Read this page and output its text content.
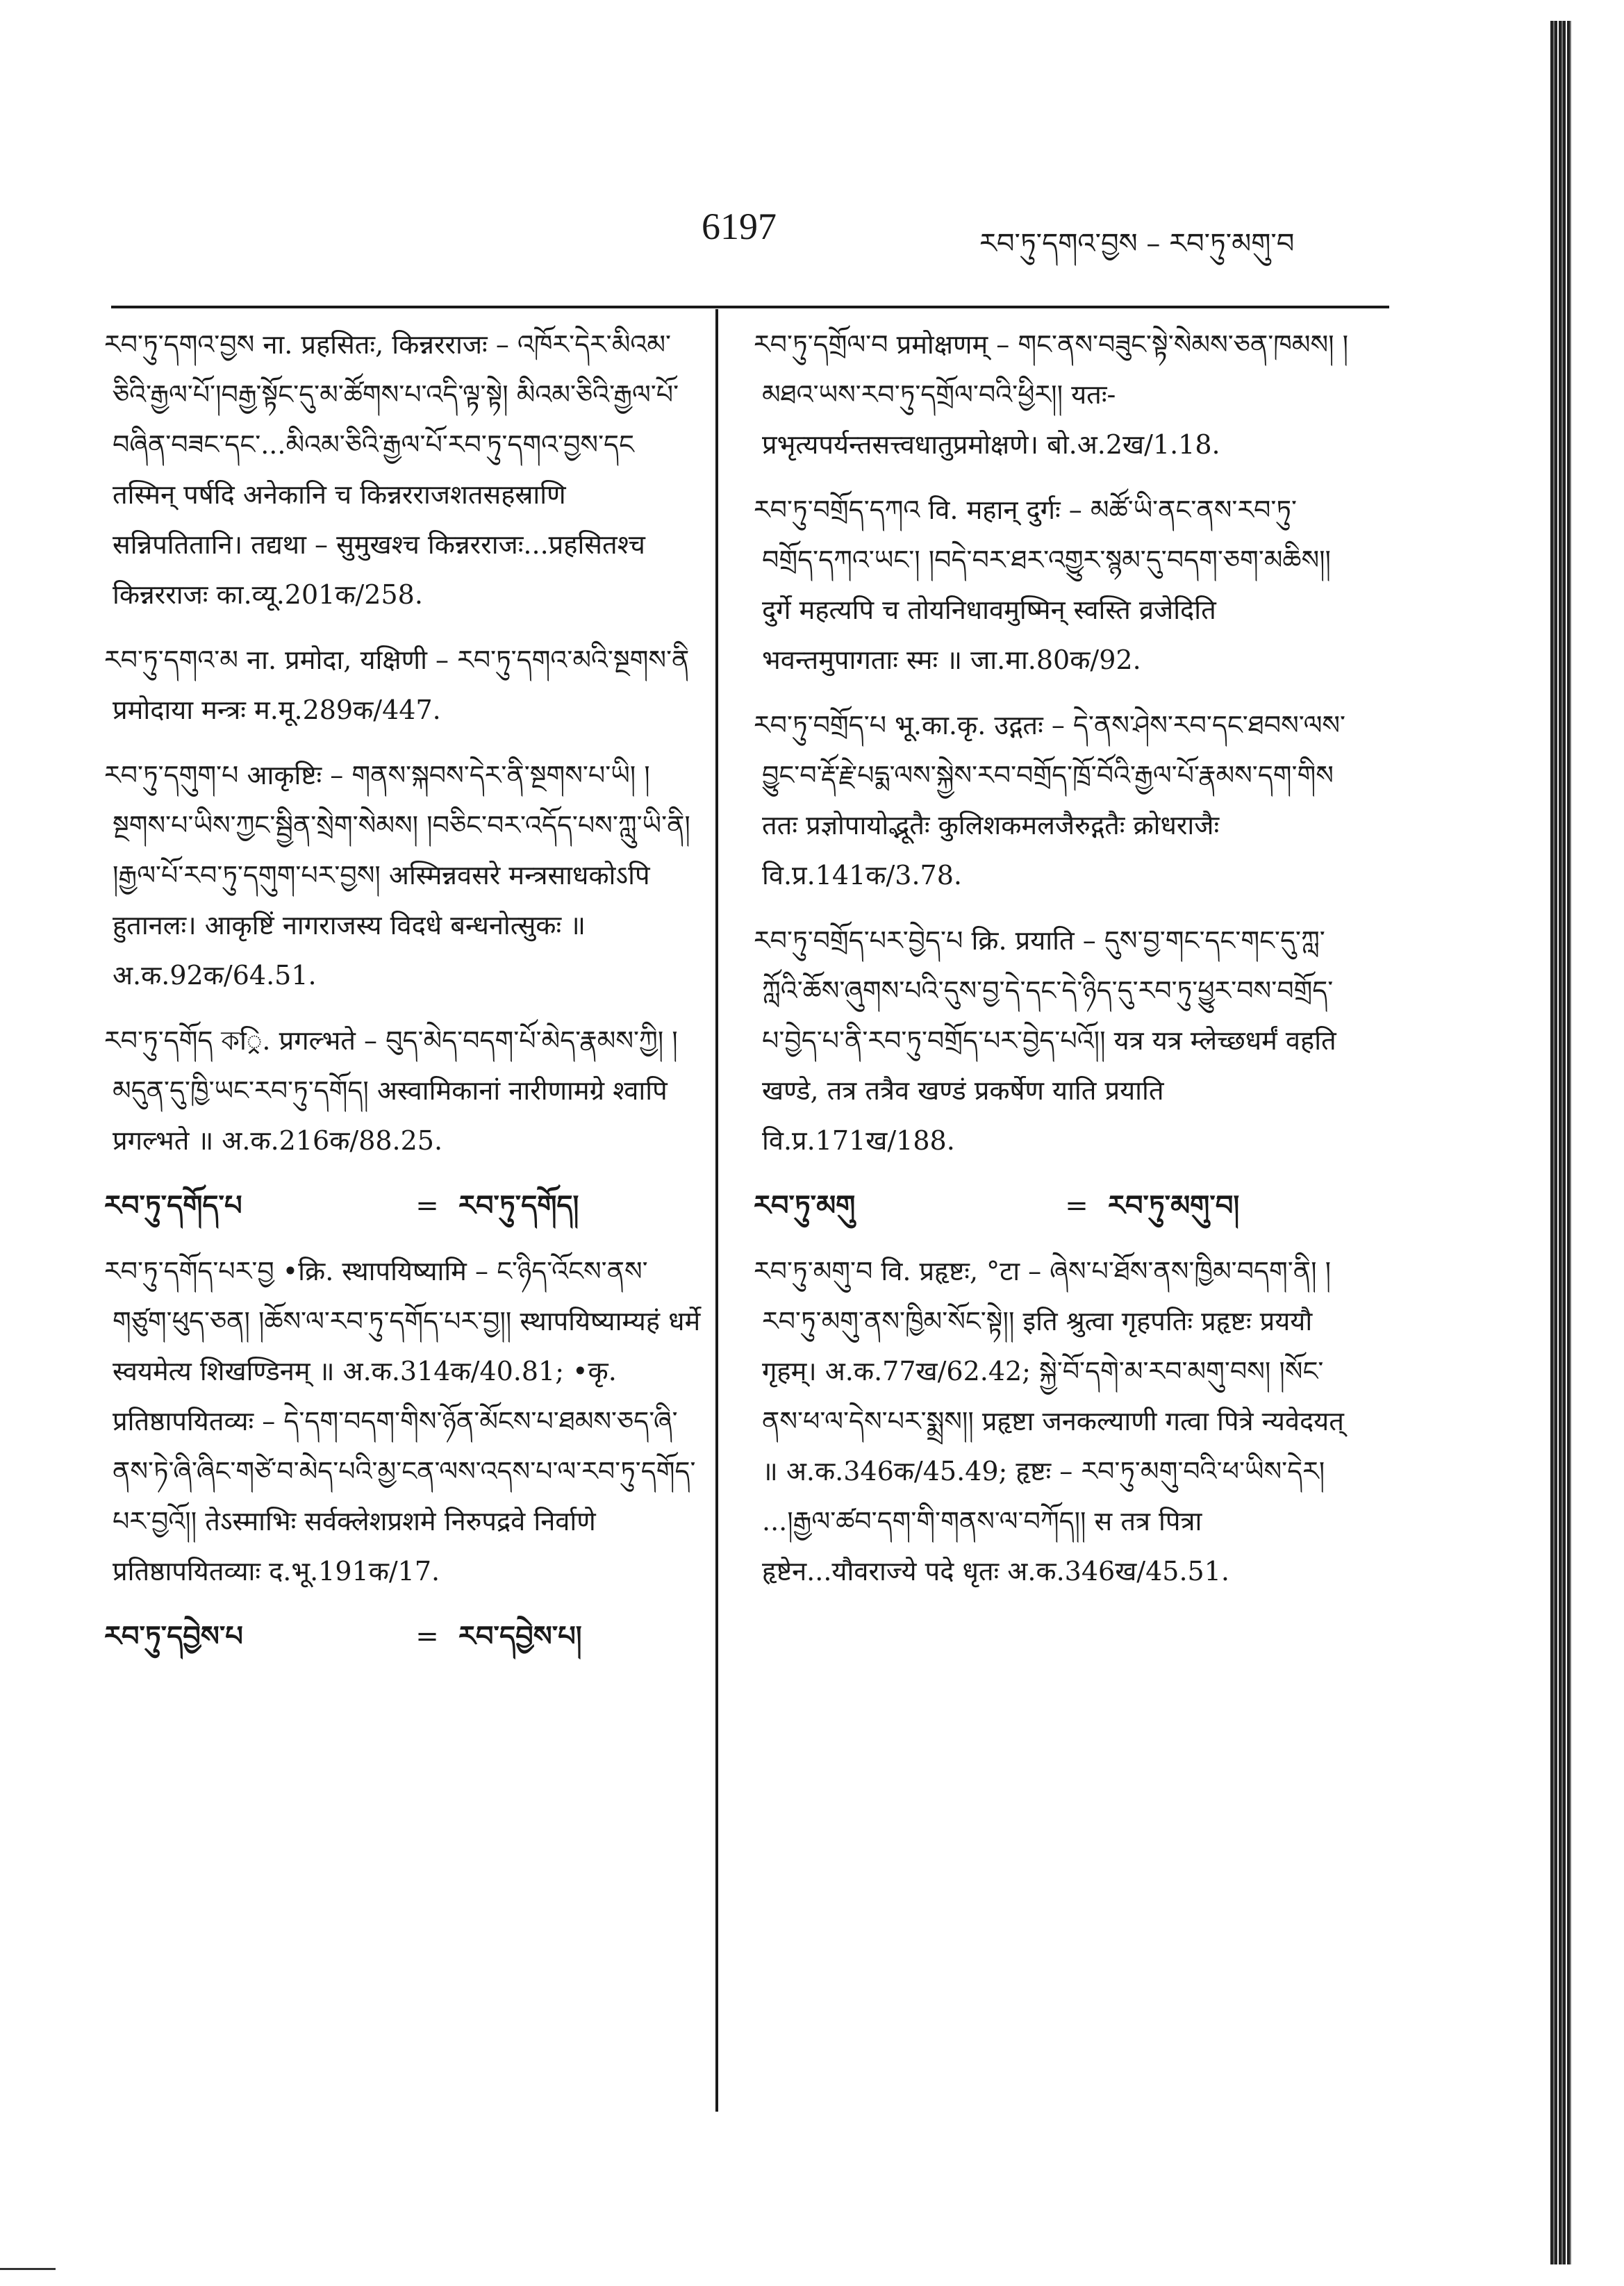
6197	རབ་ཏུ་དགའ་བྱས – རབ་ཏུ་མགུ་བ

རབ་ཏུ་དགའ་བྱས ना. प्रहसितः, किन्नरराजः – འཁོར་དེར་མིའམ་ཅིའི་རྒྱལ་པོ་།བརྒྱ་སྟོང་དུ་མ་ཚོགས་པ་འདི་ལྟ་སྟེ། མིའམ་ཅིའི་རྒྱལ་པོ་བཞིན་བཟང་དང་...མིའམ་ཅིའི་རྒྱལ་པོ་རབ་ཏུ་དགའ་བྱས་དང तस्मिन् पर्षदि अनेकानि च किन्नरराजशतसहस्राणि सन्निपतितानि। तद्यथा – सुमुखश्च किन्नरराजः...प्रहसितश्च किन्नरराजः का.व्यू.201क/258.

རབ་ཏུ་དགའ་མ ना. प्रमोदा, यक्षिणी – རབ་ཏུ་དགའ་མའི་སྔགས་ནི प्रमोदाया मन्त्रः म.मू.289क/447.

རབ་ཏུ་དགུག་པ आकृष्टिः – གནས་སྐབས་དེར་ནི་སྔགས་པ་ཡི། །སྔགས་པ་ཡིས་ཀྱང་སྦྱིན་སྲེག་སེམས། །བཅིང་བར་འདོད་པས་ཀླུ་ཡི་ནི། །རྒྱལ་པོ་རབ་ཏུ་དགུག་པར་བྱས། अस्मिन्नवसरे मन्त्रसाधकोऽपि हुतानलः। आकृष्टिं नागराजस्य विदधे बन्धनोत्सुकः ॥ अ.क.92क/64.51.

རབ་ཏུ་དགོད ক्रि. प्रगल्भते – བུད་མེད་བདག་པོ་མེད་རྣམས་ཀྱི། །མདུན་དུ་ཁྱི་ཡང་རབ་ཏུ་དགོད། अस्वामिकानां नारीणामग्रे श्वापि प्रगल्भते ॥ अ.क.216क/88.25.

རབ་ཏུ་དགོད་པ	= རབ་ཏུ་དགོད།

རབ་ཏུ་དགོད་པར་བྱ •क्रि. स्थापयिष्यामि – ང་ཉིད་འོངས་ནས་གཙུག་ཕུད་ཅན། །ཆོས་ལ་རབ་ཏུ་དགོད་པར་བྱ།། स्थापयिष्याम्यहं धर्मे स्वयमेत्य शिखण्डिनम् ॥ अ.क.314क/40.81; •कृ. प्रतिष्ठापयितव्यः – དེ་དག་བདག་གིས་ཉོན་མོངས་པ་ཐམས་ཅད་ཞི་ནས་ཏེ་ཞི་ཞིང་གཙེ་བ་མེད་པའི་མྱ་ངན་ལས་འདས་པ་ལ་རབ་ཏུ་དགོད་པར་བྱའོ།། तेऽस्माभिः सर्वक्लेशप्रशमे निरुपद्रवे निर्वाणे प्रतिष्ठापयितव्याः द.भू.191क/17.

རབ་ཏུ་དབྱེས་པ	= རབ་དབྱེས་པ།

རབ་ཏུ་དགྲོལ་བ प्रमोक्षणम् – གང་ནས་བཟུང་སྟེ་སེམས་ཅན་ཁམས། །མཐའ་ཡས་རབ་ཏུ་དགྲོལ་བའི་ཕྱིར།། यतः-प्रभृत्यपर्यन्तसत्त्वधातुप्रमोक्षणे। बो.अ.2ख/1.18.

རབ་ཏུ་བགྲོད་དཀའ वि. महान् दुर्गः – མཚོ་ཡི་ནང་ནས་རབ་ཏུ་བགྲོད་དཀའ་ཡང་། །བདེ་བར་ཐར་འགྱུར་སྙམ་དུ་བདག་ཅག་མཆིས།། दुर्गे महत्यपि च तोयनिधावमुष्मिन् स्वस्ति व्रजेदिति भवन्तमुपागताः स्मः ॥ जा.मा.80क/92.

རབ་ཏུ་བགྲོད་པ भू.का.कृ. उद्गतः – དེ་ནས་ཤེས་རབ་དང་ཐབས་ལས་བྱུང་བ་རྡོ་རྗེ་པདྨ་ལས་སྐྱེས་རབ་བགྲོད་ཁྲོ་བོའི་རྒྱལ་པོ་རྣམས་དག་གིས ततः प्रज्ञोपायोद्भूतैः कुलिशकमलजैरुद्गतैः क्रोधराजैः वि.प्र.141क/3.78.

རབ་ཏུ་བགྲོད་པར་བྱེད་པ क्रि. प्रयाति – དུས་བྱ་གང་དང་གང་དུ་ཀླ་ཀློའི་ཆོས་ཞུགས་པའི་དུས་བྱ་དེ་དང་དེ་ཉིད་དུ་རབ་ཏུ་ཕྱུར་བས་བགྲོད་པ་བྱེད་པ་ནི་རབ་ཏུ་བགྲོད་པར་བྱེད་པའོ།། यत्र यत्र म्लेच्छधर्मं वहति खण्डे, तत्र तत्रैव खण्डं प्रकर्षेण याति प्रयाति वि.प्र.171ख/188.

རབ་ཏུ་མགུ	= རབ་ཏུ་མགུ་བ།

རབ་ཏུ་མགུ་བ वि. प्रहृष्टः, °टा – ཞེས་པ་ཐོས་ནས་ཁྱིམ་བདག་ནི། །རབ་ཏུ་མགུ་ནས་ཁྱིམ་སོང་སྟེ།། इति श्रुत्वा गृहपतिः प्रहृष्टः प्रययौ गृहम्। अ.क.77ख/62.42; སྐྱེ་བོ་དགེ་མ་རབ་མགུ་བས། །སོང་ནས་ཕ་ལ་དེས་པར་སྨྲས།། प्रहृष्टा जनकल्याणी गत्वा पित्रे न्यवेदयत् ॥ अ.क.346क/45.49; हृष्टः – རབ་ཏུ་མགུ་བའི་ཕ་ཡིས་དེར། ...།རྒྱལ་ཚབ་དག་གི་གནས་ལ་བཀོད།། स तत्र पित्रा हृष्टेन...यौवराज्ये पदे धृतः अ.क.346ख/45.51.
